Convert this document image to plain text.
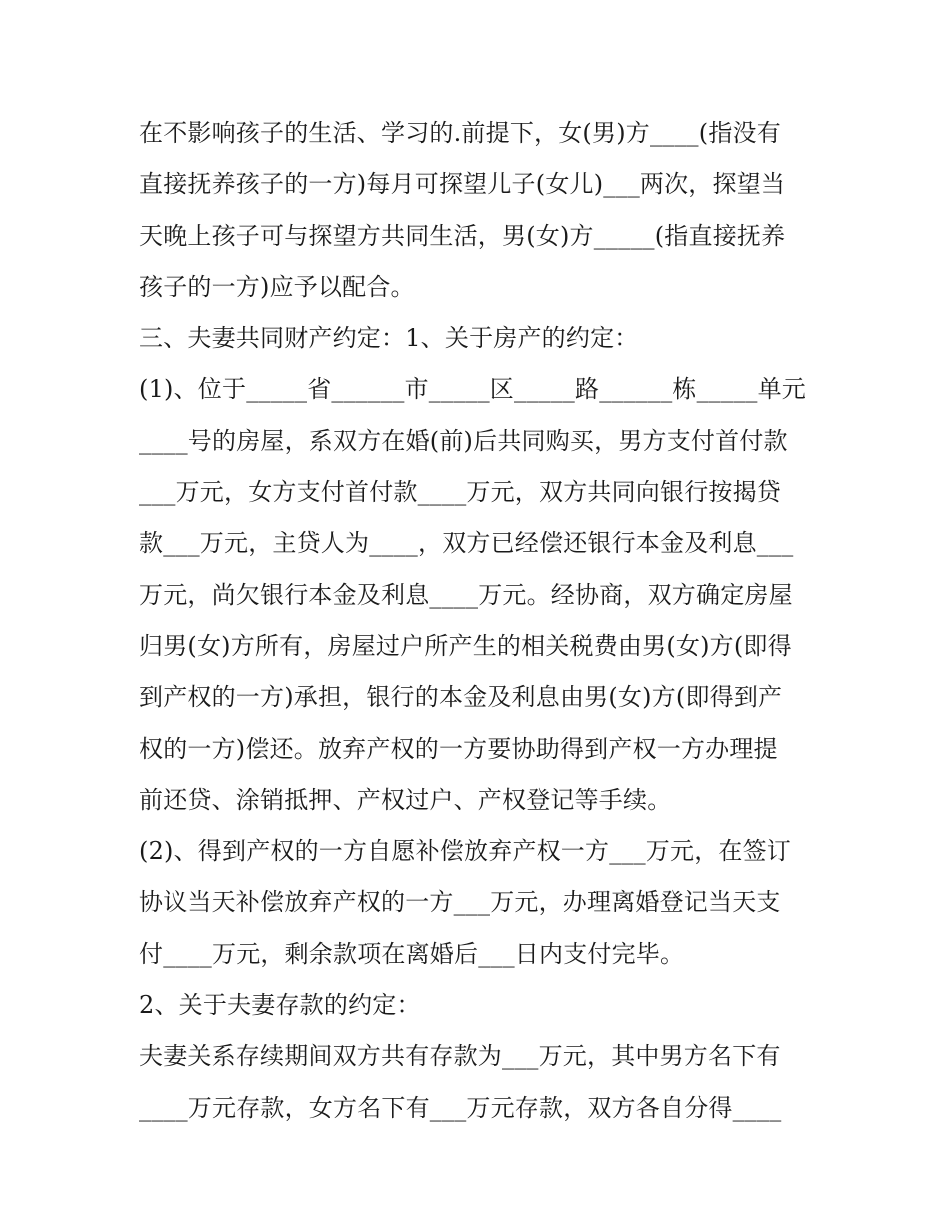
在不影响孩子的生活、学习的.前提下，女(男)方____(指没有
直接抚养孩子的一方)每月可探望儿子(女儿)___两次，探望当
天晚上孩子可与探望方共同生活，男(女)方_____(指直接抚养
孩子的一方)应予以配合。
三、夫妻共同财产约定：1、关于房产的约定：
(1)、位于_____省______市_____区_____路______栋_____单元
____号的房屋，系双方在婚(前)后共同购买，男方支付首付款
___万元，女方支付首付款____万元，双方共同向银行按揭贷
款___万元，主贷人为____，双方已经偿还银行本金及利息___
万元，尚欠银行本金及利息____万元。经协商，双方确定房屋
归男(女)方所有，房屋过户所产生的相关税费由男(女)方(即得
到产权的一方)承担，银行的本金及利息由男(女)方(即得到产
权的一方)偿还。放弃产权的一方要协助得到产权一方办理提
前还贷、涂销抵押、产权过户、产权登记等手续。
(2)、得到产权的一方自愿补偿放弃产权一方___万元，在签订
协议当天补偿放弃产权的一方___万元，办理离婚登记当天支
付____万元，剩余款项在离婚后___日内支付完毕。
2、关于夫妻存款的约定：
夫妻关系存续期间双方共有存款为___万元，其中男方名下有
____万元存款，女方名下有___万元存款，双方各自分得____
